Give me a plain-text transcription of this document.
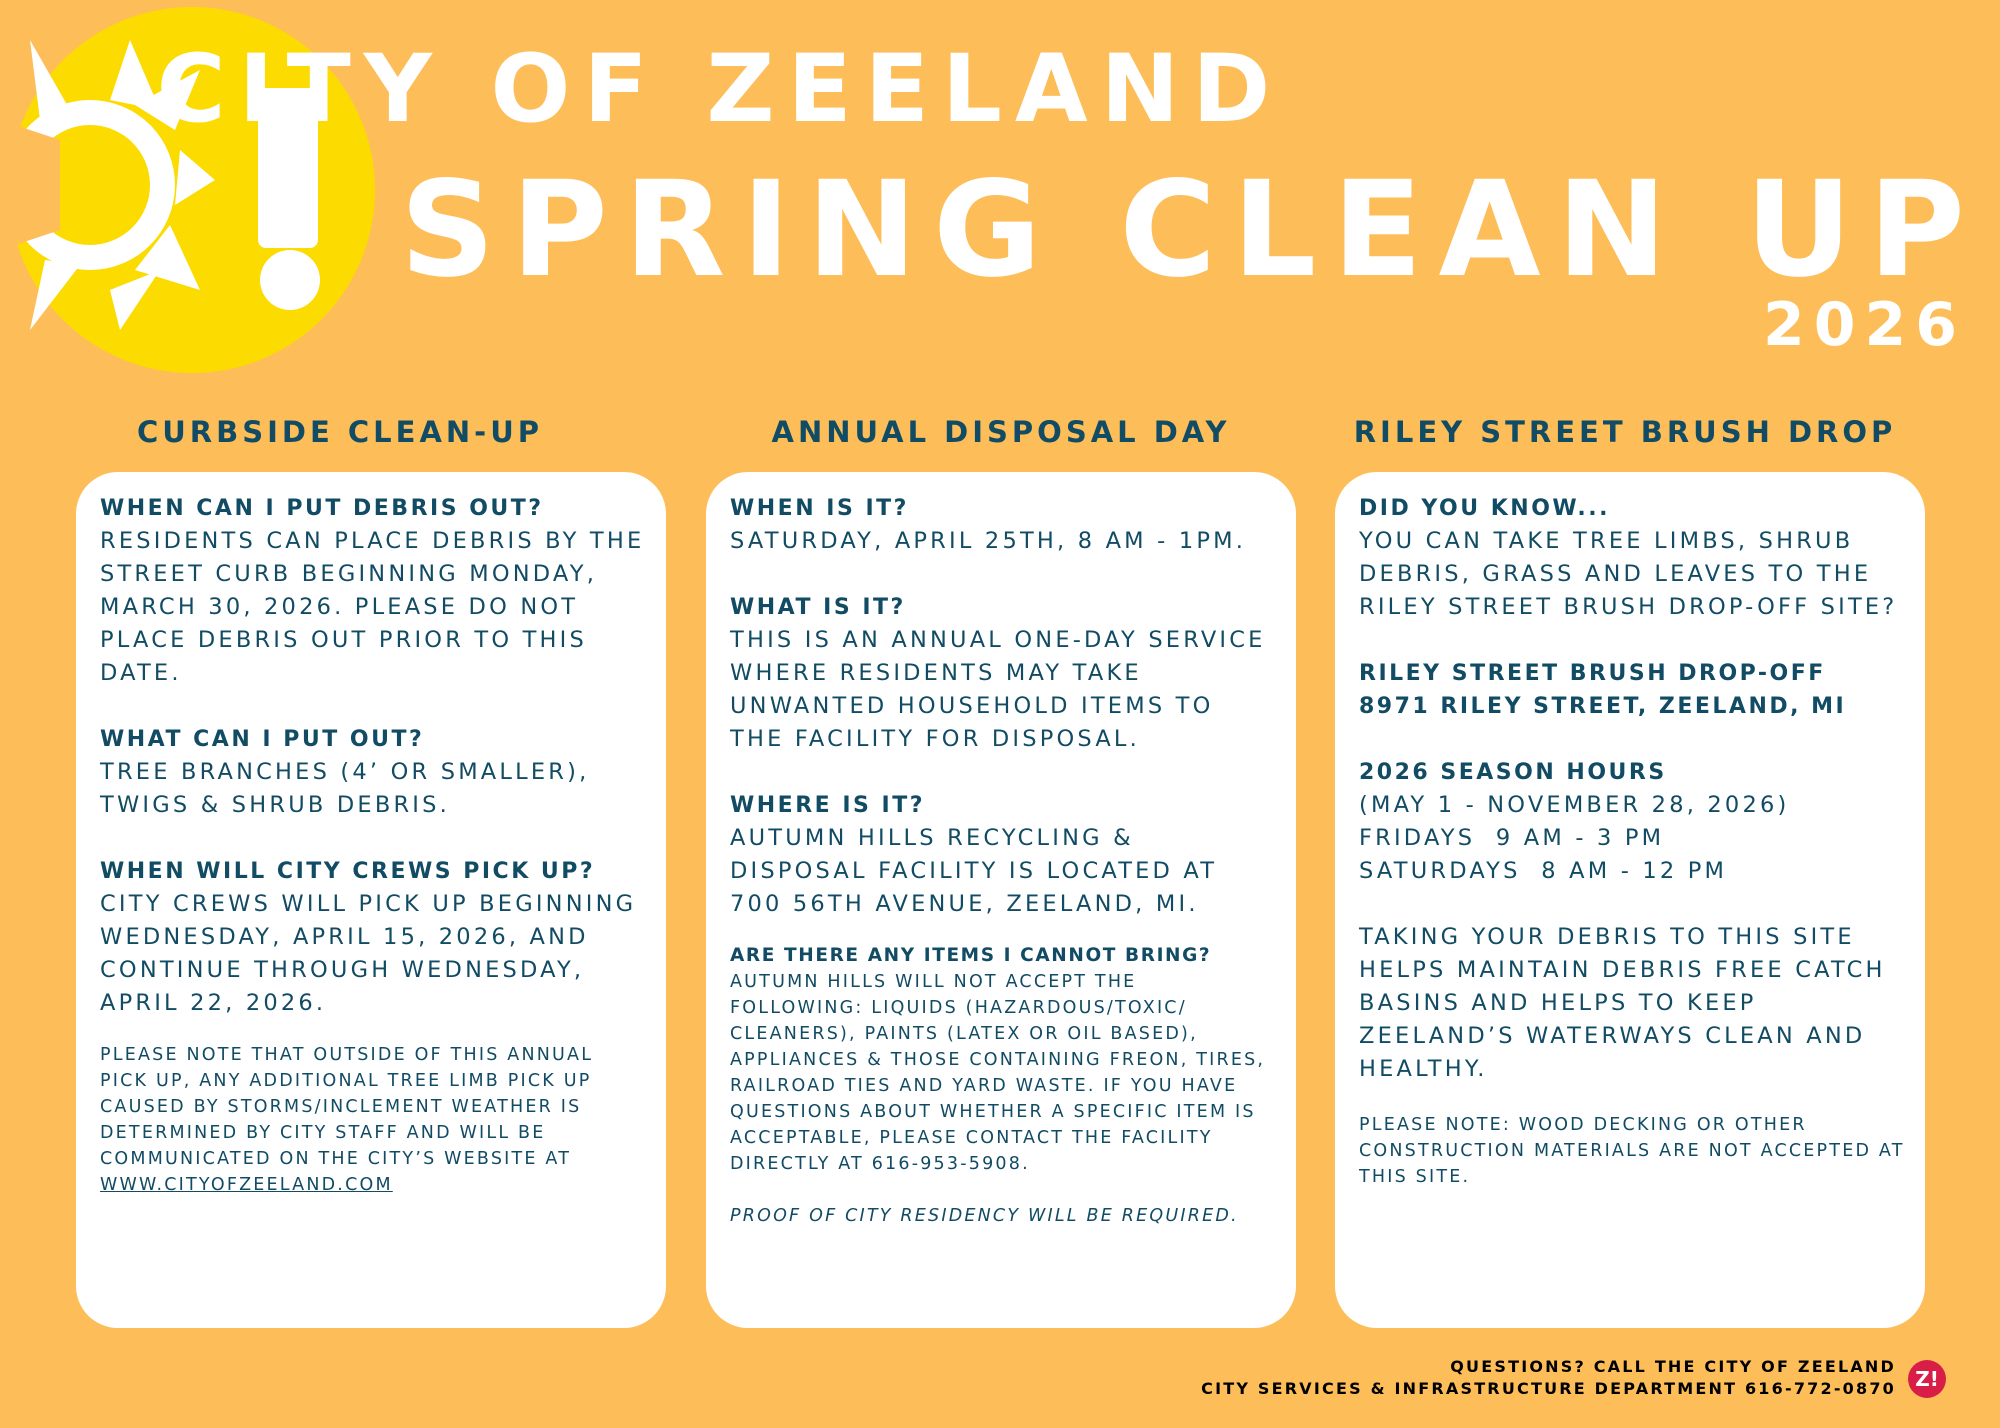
CITY OF ZEELAND
SPRING CLEAN UP
2026
CURBSIDE CLEAN-UP	ANNUAL DISPOSAL DAY	RILEY STREET BRUSH DROP
WHEN CAN I PUT DEBRIS OUT?
RESIDENTS CAN PLACE DEBRIS BY THE STREET CURB BEGINNING MONDAY, MARCH 30, 2026. PLEASE DO NOT PLACE DEBRIS OUT PRIOR TO THIS DATE.
WHAT CAN I PUT OUT?
TREE BRANCHES (4’ OR SMALLER), TWIGS & SHRUB DEBRIS.
WHEN WILL CITY CREWS PICK UP?
CITY CREWS WILL PICK UP BEGINNING WEDNESDAY, APRIL 15, 2026, AND CONTINUE THROUGH WEDNESDAY, APRIL 22, 2026.
PLEASE NOTE THAT OUTSIDE OF THIS ANNUAL PICK UP, ANY ADDITIONAL TREE LIMB PICK UP CAUSED BY STORMS/INCLEMENT WEATHER IS DETERMINED BY CITY STAFF AND WILL BE COMMUNICATED ON THE CITY’S WEBSITE AT WWW.CITYOFZEELAND.COM
WHEN IS IT?
SATURDAY, APRIL 25TH, 8 AM - 1PM.
WHAT IS IT?
THIS IS AN ANNUAL ONE-DAY SERVICE WHERE RESIDENTS MAY TAKE UNWANTED HOUSEHOLD ITEMS TO THE FACILITY FOR DISPOSAL.
WHERE IS IT?
AUTUMN HILLS RECYCLING & DISPOSAL FACILITY IS LOCATED AT 700 56TH AVENUE, ZEELAND, MI.
ARE THERE ANY ITEMS I CANNOT BRING?
AUTUMN HILLS WILL NOT ACCEPT THE FOLLOWING: LIQUIDS (HAZARDOUS/TOXIC/ CLEANERS), PAINTS (LATEX OR OIL BASED), APPLIANCES & THOSE CONTAINING FREON, TIRES, RAILROAD TIES AND YARD WASTE. IF YOU HAVE QUESTIONS ABOUT WHETHER A SPECIFIC ITEM IS ACCEPTABLE, PLEASE CONTACT THE FACILITY DIRECTLY AT 616-953-5908.
PROOF OF CITY RESIDENCY WILL BE REQUIRED.
DID YOU KNOW...
YOU CAN TAKE TREE LIMBS, SHRUB DEBRIS, GRASS AND LEAVES TO THE RILEY STREET BRUSH DROP-OFF SITE?
RILEY STREET BRUSH DROP-OFF
8971 RILEY STREET, ZEELAND, MI
2026 SEASON HOURS
(MAY 1 - NOVEMBER 28, 2026)
FRIDAYS  9 AM - 3 PM
SATURDAYS  8 AM - 12 PM
TAKING YOUR DEBRIS TO THIS SITE HELPS MAINTAIN DEBRIS FREE CATCH BASINS AND HELPS TO KEEP ZEELAND’S WATERWAYS CLEAN AND HEALTHY.
PLEASE NOTE: WOOD DECKING OR OTHER CONSTRUCTION MATERIALS ARE NOT ACCEPTED AT THIS SITE.
QUESTIONS? CALL THE CITY OF ZEELAND
CITY SERVICES & INFRASTRUCTURE DEPARTMENT 616-772-0870 Z!
